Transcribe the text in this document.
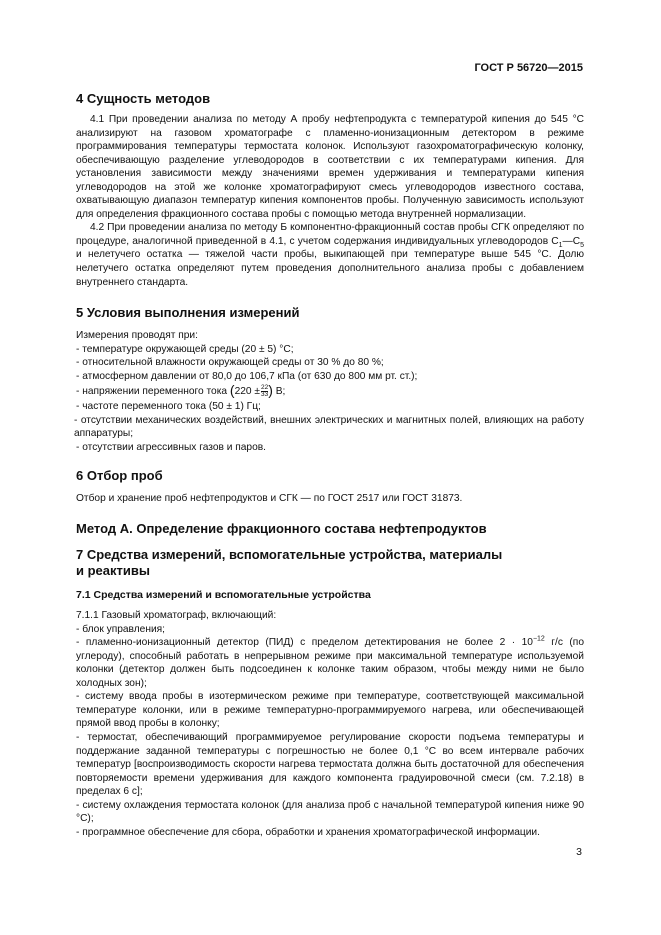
ГОСТ Р 56720—2015

4 Сущность методов

4.1 При проведении анализа по методу А пробу нефтепродукта с температурой кипения до 545 °С анализируют на газовом хроматографе с пламенно-ионизационным детектором в режиме программирования температуры термостата колонок. Используют газохроматографическую колонку, обеспечивающую разделение углеводородов в соответствии с их температурами кипения. Для установления зависимости между значениями времен удерживания и температурами кипения углеводородов на этой же колонке хроматографируют смесь углеводородов известного состава, охватывающую диапазон температур кипения компонентов пробы. Полученную зависимость используют для определения фракционного состава пробы с помощью метода внутренней нормализации.

4.2 При проведении анализа по методу Б компонентно-фракционный состав пробы СГК определяют по процедуре, аналогичной приведенной в 4.1, с учетом содержания индивидуальных углеводородов $С_1—С_5$ и нелетучего остатка — тяжелой части пробы, выкипающей при температуре выше 545 °С. Долю нелетучего остатка определяют путем проведения дополнительного анализа пробы с добавлением внутреннего стандарта.

5 Условия выполнения измерений

Измерения проводят при:

- температуре окружающей среды (20 ± 5) °С;

- относительной влажности окружающей среды от 30 % до 80 %;

- атмосферном давлении от 80,0 до 106,7 кПа (от 630 до 800 мм рт. ст.);

- напряжении переменного тока ($220 \pm \frac{22}{33}$ ) В;

- частоте переменного тока (50 ± 1) Гц;

- отсутствии механических воздействий, внешних электрических и магнитных полей, влияющих на работу аппаратуры;

- отсутствии агрессивных газов и паров.

6 Отбор проб

Отбор и хранение проб нефтепродуктов и СГК — по ГОСТ 2517 или ГОСТ 31873.

Метод А. Определение фракционного состава нефтепродуктов

7 Средства измерений, вспомогательные устройства, материалы
и реактивы

7.1 Средства измерений и вспомогательные устройства

7.1.1 Газовый хроматограф, включающий:

- блок управления;

- пламенно-ионизационный детектор (ПИД) с пределом детектирования не более $2 \cdot 10^{-12}$ г/с (по углероду), способный работать в непрерывном режиме при максимальной температуре используемой колонки (детектор должен быть подсоединен к колонке таким образом, чтобы между ними не было холодных зон);

- систему ввода пробы в изотермическом режиме при температуре, соответствующей максимальной температуре колонки, или в режиме температурно-программируемого нагрева, или обеспечивающей прямой ввод пробы в колонку;

- термостат, обеспечивающий программируемое регулирование скорости подъема температуры и поддержание заданной температуры с погрешностью не более 0,1 °С во всем интервале рабочих температур [воспроизводимость скорости нагрева термостата должна быть достаточной для обеспечения повторяемости времени удерживания для каждого компонента градуировочной смеси (см. 7.2.18) в пределах 6 с];

- систему охлаждения термостата колонок (для анализа проб с начальной температурой кипения ниже 90 °С);

- программное обеспечение для сбора, обработки и хранения хроматографической информации.

3
